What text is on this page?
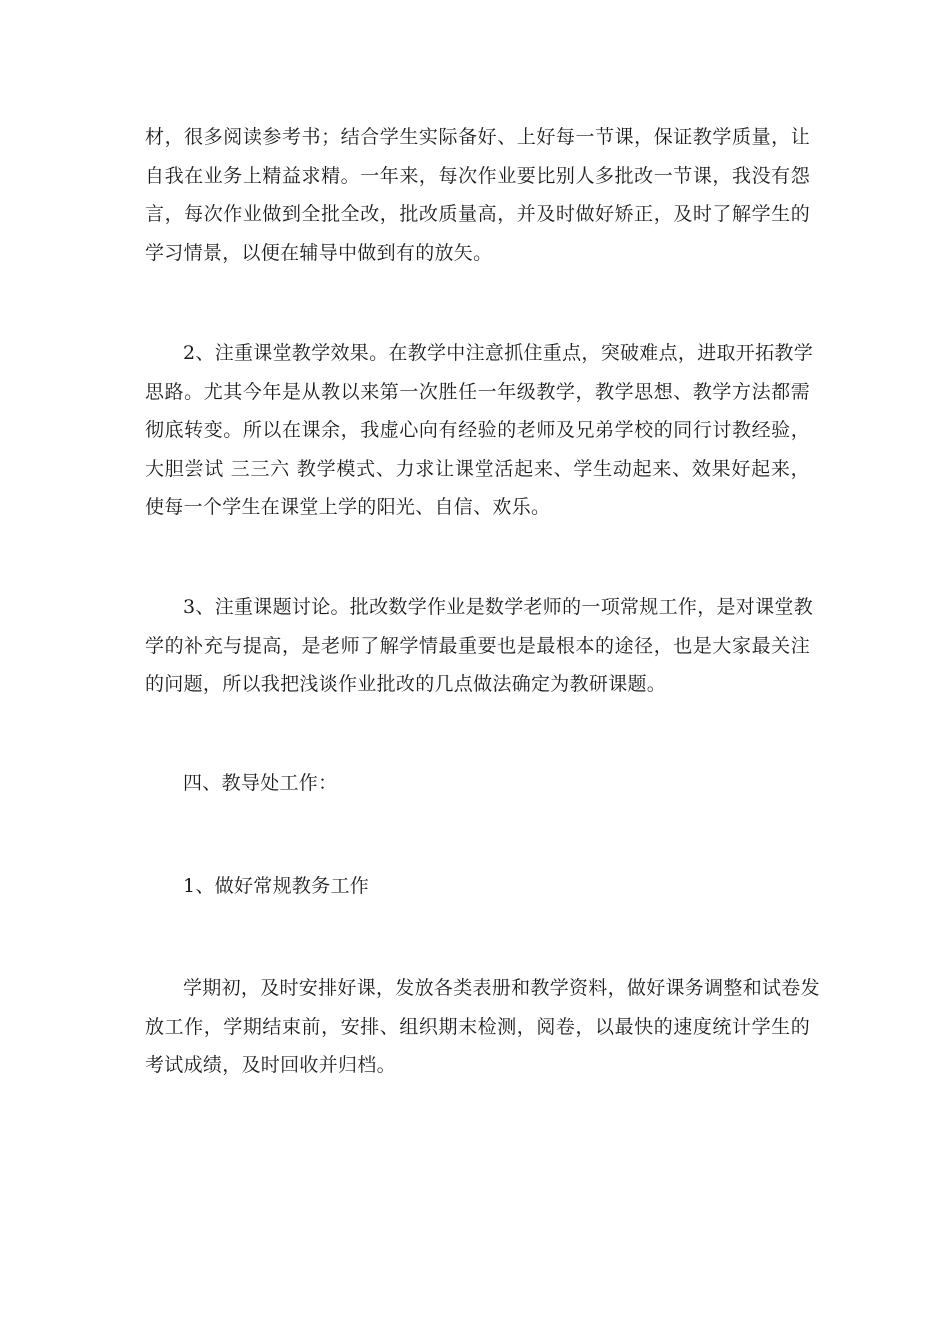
材，很多阅读参考书；结合学生实际备好、上好每一节课，保证教学质量，让
自我在业务上精益求精。一年来，每次作业要比别人多批改一节课，我没有怨
言，每次作业做到全批全改，批改质量高，并及时做好矫正，及时了解学生的
学习情景，以便在辅导中做到有的放矢。
2、注重课堂教学效果。在教学中注意抓住重点，突破难点，进取开拓教学
思路。尤其今年是从教以来第一次胜任一年级教学，教学思想、教学方法都需
彻底转变。所以在课余，我虚心向有经验的老师及兄弟学校的同行讨教经验，
大胆尝试 三三六 教学模式、力求让课堂活起来、学生动起来、效果好起来，
使每一个学生在课堂上学的阳光、自信、欢乐。
3、注重课题讨论。批改数学作业是数学老师的一项常规工作，是对课堂教
学的补充与提高，是老师了解学情最重要也是最根本的途径，也是大家最关注
的问题，所以我把浅谈作业批改的几点做法确定为教研课题。
四、教导处工作：
1、做好常规教务工作
学期初，及时安排好课，发放各类表册和教学资料，做好课务调整和试卷发
放工作，学期结束前，安排、组织期末检测，阅卷，以最快的速度统计学生的
考试成绩，及时回收并归档。
